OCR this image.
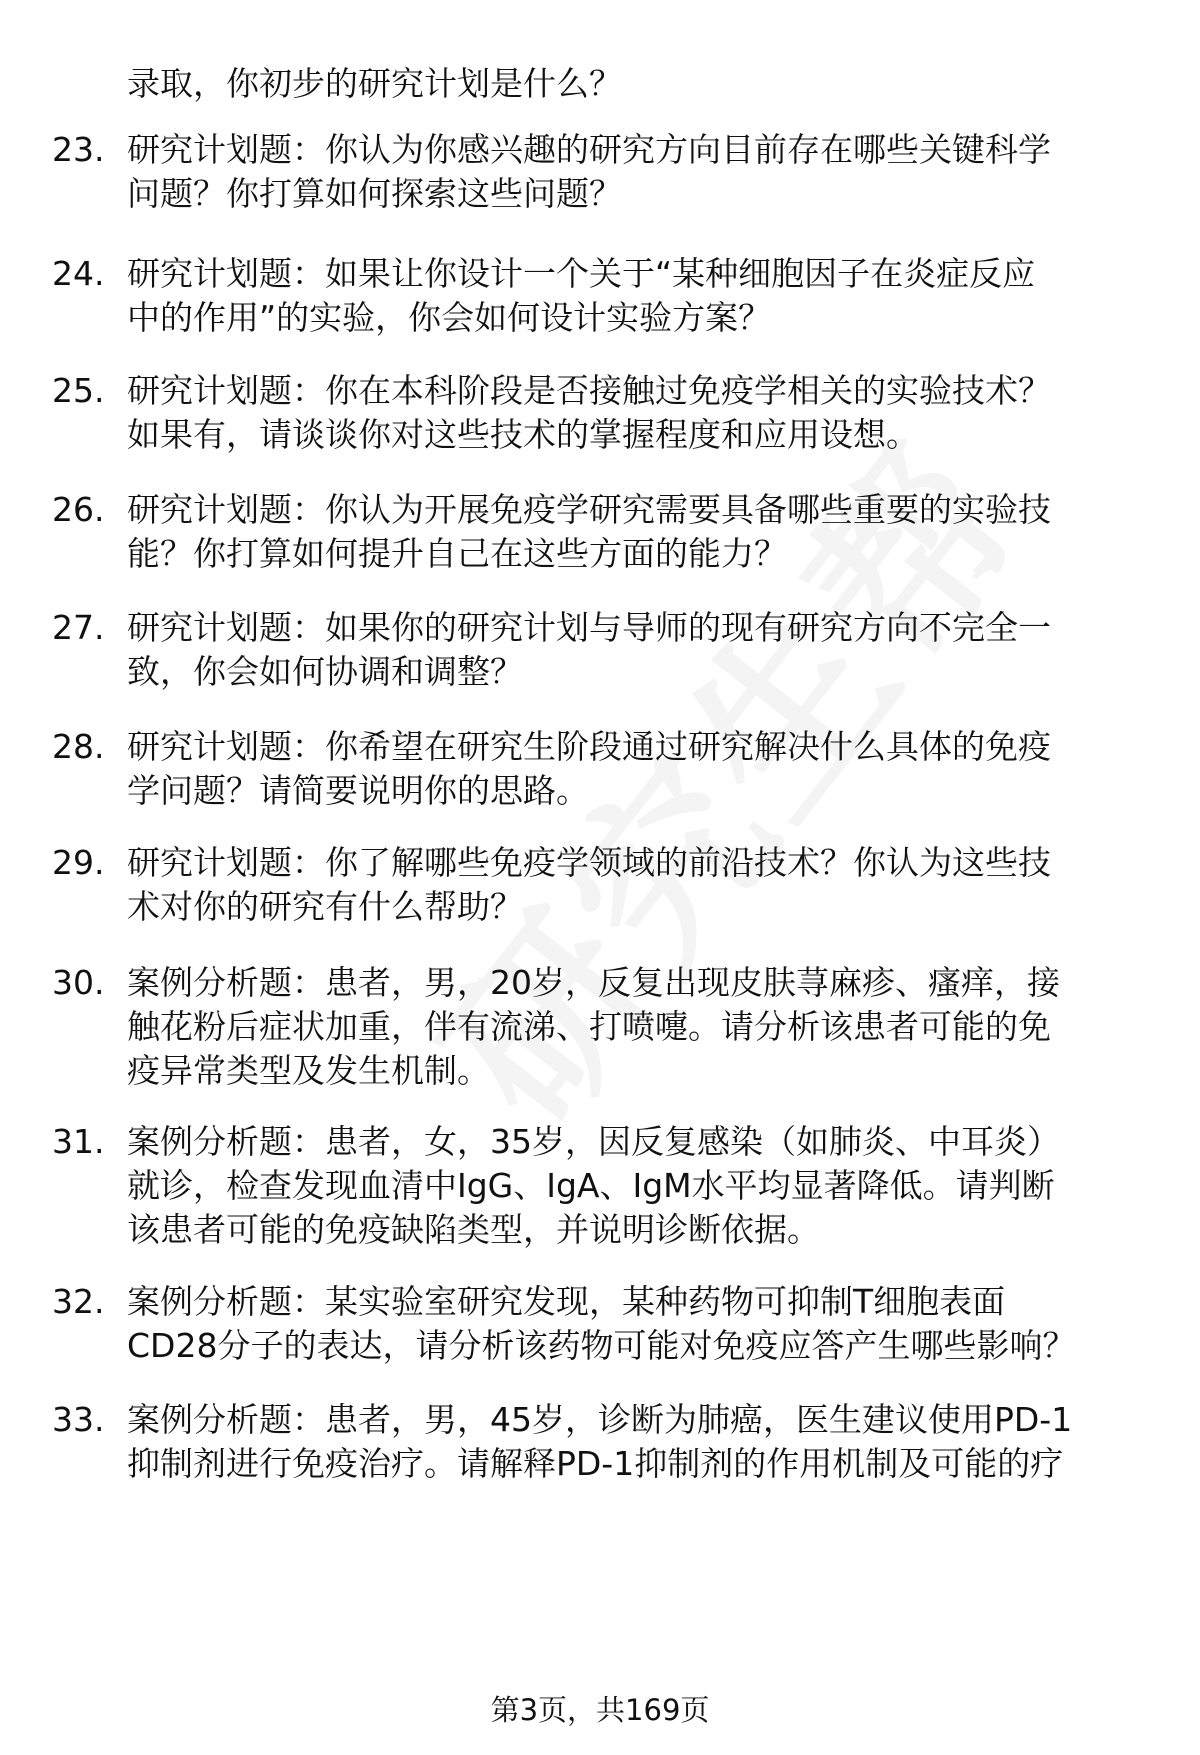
录取，你初步的研究计划是什么？
23. 研究计划题：你认为你感兴趣的研究方向目前存在哪些关键科学
问题？你打算如何探索这些问题？
24. 研究计划题：如果让你设计一个关于“某种细胞因子在炎症反应
中的作用”的实验，你会如何设计实验方案？
25. 研究计划题：你在本科阶段是否接触过免疫学相关的实验技术？
如果有，请谈谈你对这些技术的掌握程度和应用设想。
26. 研究计划题：你认为开展免疫学研究需要具备哪些重要的实验技
能？你打算如何提升自己在这些方面的能力？
27. 研究计划题：如果你的研究计划与导师的现有研究方向不完全一
致，你会如何协调和调整？
28. 研究计划题：你希望在研究生阶段通过研究解决什么具体的免疫
学问题？请简要说明你的思路。
29. 研究计划题：你了解哪些免疫学领域的前沿技术？你认为这些技
术对你的研究有什么帮助？
30. 案例分析题：患者，男，20岁，反复出现皮肤荨麻疹、瘙痒，接
触花粉后症状加重，伴有流涕、打喷嚏。请分析该患者可能的免
疫异常类型及发生机制。
31. 案例分析题：患者，女，35岁，因反复感染（如肺炎、中耳炎）
就诊，检查发现血清中IgG、IgA、IgM水平均显著降低。请判断
该患者可能的免疫缺陷类型，并说明诊断依据。
32. 案例分析题：某实验室研究发现，某种药物可抑制T细胞表面
CD28分子的表达，请分析该药物可能对免疫应答产生哪些影响？
33. 案例分析题：患者，男，45岁，诊断为肺癌，医生建议使用PD-1
抑制剂进行免疫治疗。请解释PD-1抑制剂的作用机制及可能的疗
第3页，共169页
